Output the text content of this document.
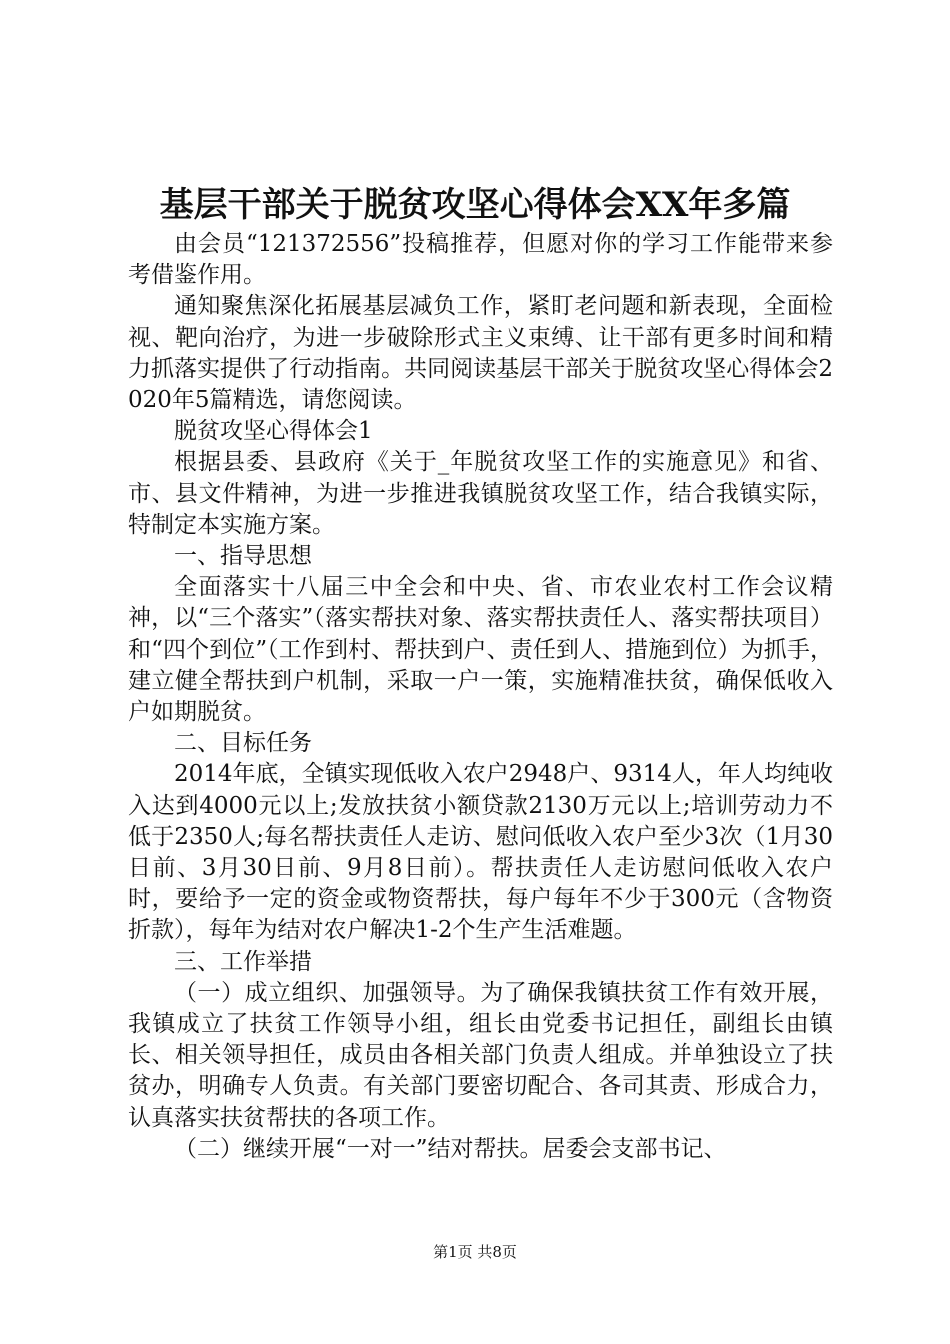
基层干部关于脱贫攻坚心得体会XX年多篇

由会员“121372556”投稿推荐，但愿对你的学习工作能带来参考借鉴作用。

通知聚焦深化拓展基层减负工作，紧盯老问题和新表现，全面检视、靶向治疗，为进一步破除形式主义束缚、让干部有更多时间和精力抓落实提供了行动指南。共同阅读基层干部关于脱贫攻坚心得体会2020年5篇精选，请您阅读。

脱贫攻坚心得体会1

根据县委、县政府《关于_年脱贫攻坚工作的实施意见》和省、市、县文件精神，为进一步推进我镇脱贫攻坚工作，结合我镇实际，特制定本实施方案。

一、指导思想

全面落实十八届三中全会和中央、省、市农业农村工作会议精神，以“三个落实”（落实帮扶对象、落实帮扶责任人、落实帮扶项目）和“四个到位”（工作到村、帮扶到户、责任到人、措施到位）为抓手，建立健全帮扶到户机制，采取一户一策，实施精准扶贫，确保低收入户如期脱贫。

二、目标任务

2014年底，全镇实现低收入农户2948户、9314人，年人均纯收入达到4000元以上;发放扶贫小额贷款2130万元以上;培训劳动力不低于2350人;每名帮扶责任人走访、慰问低收入农户至少3次（1月30日前、3月30日前、9月8日前）。帮扶责任人走访慰问低收入农户时，要给予一定的资金或物资帮扶，每户每年不少于300元（含物资折款），每年为结对农户解决1-2个生产生活难题。

三、工作举措

（一）成立组织、加强领导。为了确保我镇扶贫工作有效开展，我镇成立了扶贫工作领导小组，组长由党委书记担任，副组长由镇长、相关领导担任，成员由各相关部门负责人组成。并单独设立了扶贫办，明确专人负责。有关部门要密切配合、各司其责、形成合力，认真落实扶贫帮扶的各项工作。

（二）继续开展“一对一”结对帮扶。居委会支部书记、

第1页 共8页
